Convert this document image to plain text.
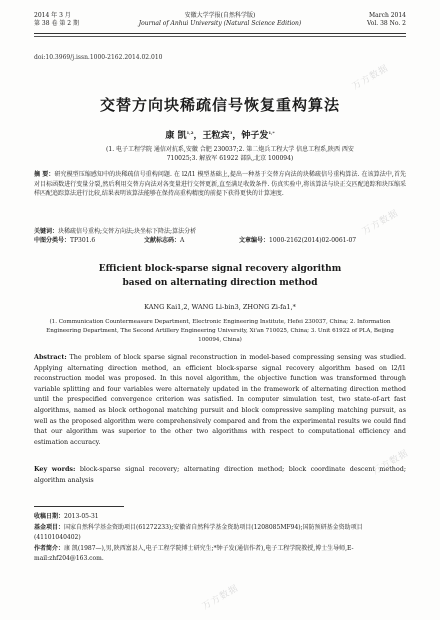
2014 年 3 月
第 38 卷 第 2 期
安徽大学学报(自然科学版)
Journal of Anhui University (Natural Science Edition)
March 2014
Vol. 38 No. 2
doi:10.3969/j.issn.1000-2162.2014.02.010
交替方向块稀疏信号恢复重构算法
康 凯$^{1,2}$，王粒宾$^3$，钟子发$^{1,*}$
(1. 电子工程学院 通信对抗系,安徽 合肥 230037;2. 第二炮兵工程大学 信息工程系,陕西 西安 710025;3. 解放军 61922 部队,北京 100094)
摘 要：研究模型压缩感知中的块稀疏信号重构问题. 在 l2/l1 模型基础上,提出一种基于交替方向法的块稀疏信号重构算法. 在该算法中,首先对目标函数进行变量分裂,然后利用交替方向法对各变量进行交替更新,直至满足收敛条件. 仿真实验中,将该算法与块正交匹配追踪和块压缩采样匹配追踪算法进行比较,结果表明该算法能够在保持高重构精度的前提下获得更快的计算速度.
关键词：块稀疏信号重构;交替方向法;块坐标下降法;算法分析
中图分类号：TP301.6	文献标志码：A	文章编号：1000-2162(2014)02-0061-07
Efficient block-sparse signal recovery algorithm
based on alternating direction method
KANG Kai1,2, WANG Li-bin3, ZHONG Zi-fa1,*
(1. Communication Countermeasure Department, Electronic Engineering Institute, Hefei 230037, China; 2. Information Engineering Department, The Second Artillery Engineering University, Xi'an 710025, China; 3. Unit 61922 of PLA, Beijing 100094, China)
Abstract: The problem of block sparse signal reconstruction in model-based compressing sensing was studied. Applying alternating direction method, an efficient block-sparse signal recovery algorithm based on l2/l1 reconstruction model was proposed. In this novel algorithm, the objective function was transformed through variable splitting and four variables were alternately updated in the framework of alternating direction method until the prespecified convergence criterion was satisfied. In computer simulation test, two state-of-art fast algorithms, named as block orthogonal matching pursuit and block compressive sampling matching pursuit, as well as the proposed algorithm were comprehensively compared and from the experimental results we could find that our algorithm was superior to the other two algorithms with respect to computational efficiency and estimation accuracy.
Key words: block-sparse signal recovery; alternating direction method; block coordinate descent method; algorithm analysis
收稿日期：2013-05-31
基金项目：国家自然科学基金资助项目(61272233);安徽省自然科学基金资助项目(1208085MF94);国防预研基金资助项目(41101040402)
作者简介：康 凯(1987—),男,陕西富县人,电子工程学院博士研究生;*钟子发(通信作者),电子工程学院教授,博士生导师,E-mail:zhf204@163.com.
万方数据
万方数据
万方数据
万方数据
